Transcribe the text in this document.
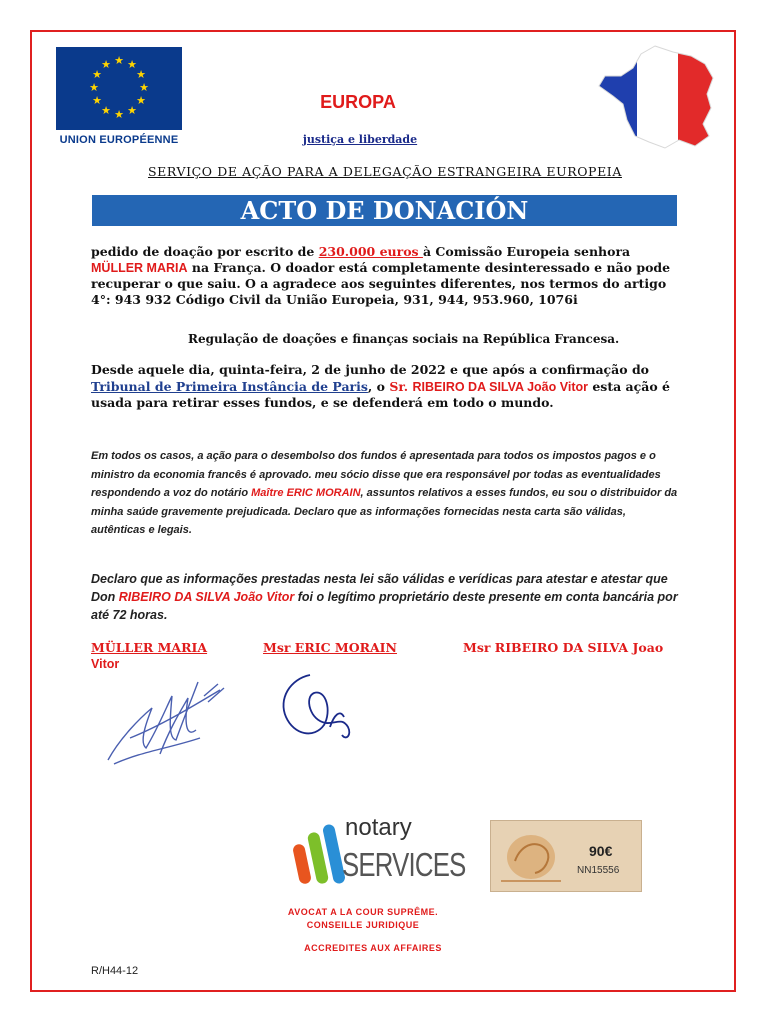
★ ★
★
★
★
★
★
★
★
★
★
★
UNION EUROPÉENNE
EUROPA
justiça e liberdade
SERVIÇO DE AÇÃO PARA A DELEGAÇÃO ESTRANGEIRA EUROPEIA
ACTO DE DONACIÓN
pedido de doação por escrito de 230.000 euros à Comissão Europeia senhora MÜLLER MARIA na França. O doador está completamente desinteressado e não pode recuperar o que saiu. O a agradece aos seguintes diferentes, nos termos do artigo 4°: 943 932 Código Civil da União Europeia, 931, 944, 953.960, 1076i
Regulação de doações e finanças sociais na República Francesa.
Desde aquele dia, quinta-feira, 2 de junho de 2022 e que após a confirmação do Tribunal de Primeira Instância de Paris, o Sr. RIBEIRO DA SILVA João Vitor esta ação é usada para retirar esses fundos, e se defenderá em todo o mundo.
Em todos os casos, a ação para o desembolso dos fundos é apresentada para todos os impostos pagos e o ministro da economia francês é aprovado. meu sócio disse que era responsável por todas as eventualidades respondendo a voz do notário Maître ERIC MORAIN, assuntos relativos a esses fundos, eu sou o distribuidor da minha saúde gravemente prejudicada. Declaro que as informações fornecidas nesta carta são válidas, autênticas e legais.
Declaro que as informações prestadas nesta lei são válidas e verídicas para atestar e atestar que Don RIBEIRO DA SILVA João Vitor foi o legítimo proprietário deste presente em conta bancária por até 72 horas.
MÜLLER MARIA
Vitor
Msr ERIC MORAIN	Msr RIBEIRO DA SILVA Joao
notary
SERVICES	90€
NN15556
AVOCAT A LA COUR SUPRÊME.
CONSEILLE JURIDIQUE
ACCREDITES AUX AFFAIRES
R/H44-12
